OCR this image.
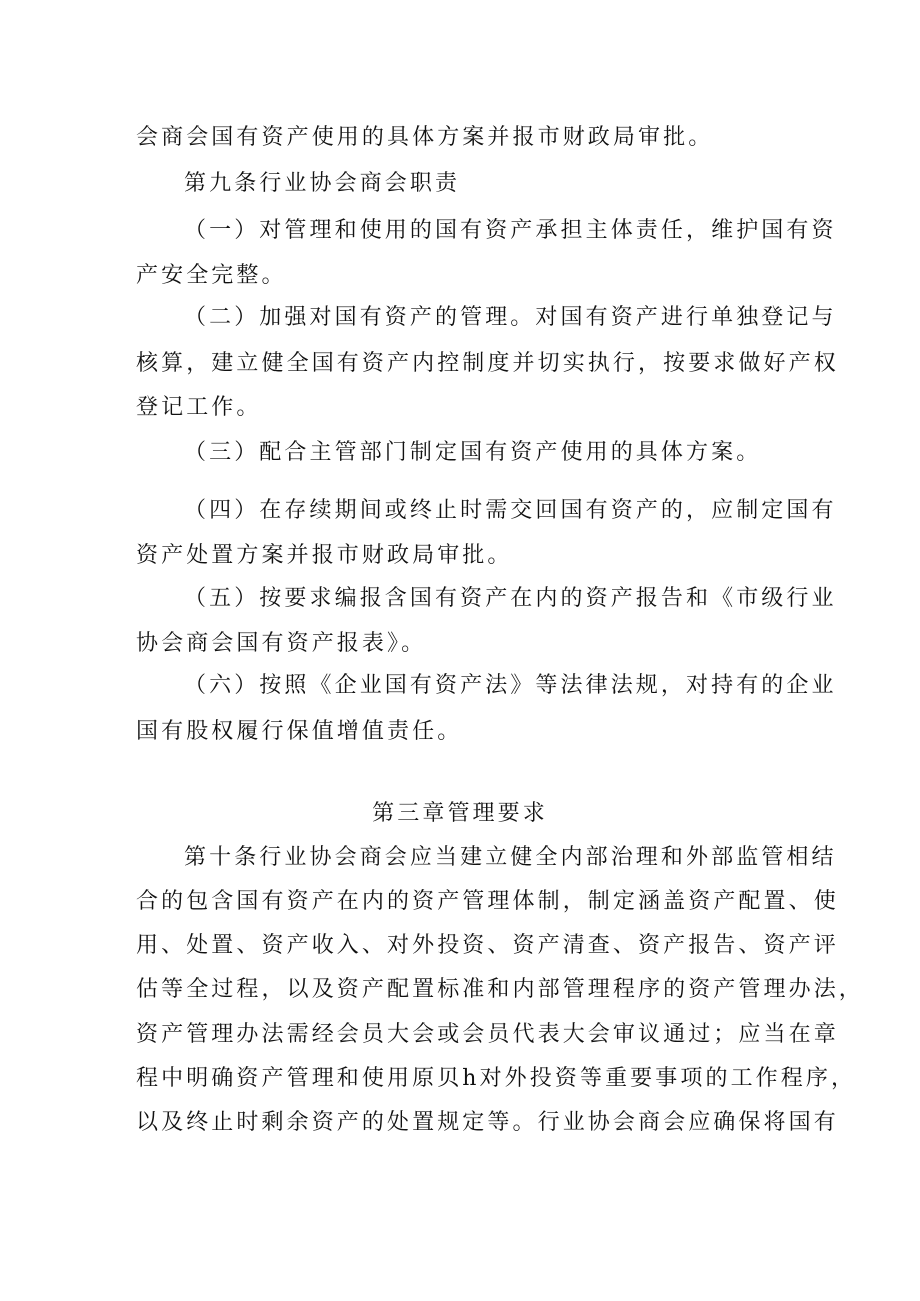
会商会国有资产使用的具体方案并报市财政局审批。
第九条行业协会商会职责
（一）对管理和使用的国有资产承担主体责任，维护国有资
产安全完整。
（二）加强对国有资产的管理。对国有资产进行单独登记与
核算，建立健全国有资产内控制度并切实执行，按要求做好产权
登记工作。
（三）配合主管部门制定国有资产使用的具体方案。
（四）在存续期间或终止时需交回国有资产的，应制定国有
资产处置方案并报市财政局审批。
（五）按要求编报含国有资产在内的资产报告和《市级行业
协会商会国有资产报表》。
（六）按照《企业国有资产法》等法律法规，对持有的企业
国有股权履行保值增值责任。
第三章管理要求
第十条行业协会商会应当建立健全内部治理和外部监管相结
合的包含国有资产在内的资产管理体制，制定涵盖资产配置、使
用、处置、资产收入、对外投资、资产清查、资产报告、资产评
估等全过程，以及资产配置标准和内部管理程序的资产管理办法，
资产管理办法需经会员大会或会员代表大会审议通过；应当在章
程中明确资产管理和使用原贝h对外投资等重要事项的工作程序，
以及终止时剩余资产的处置规定等。行业协会商会应确保将国有
